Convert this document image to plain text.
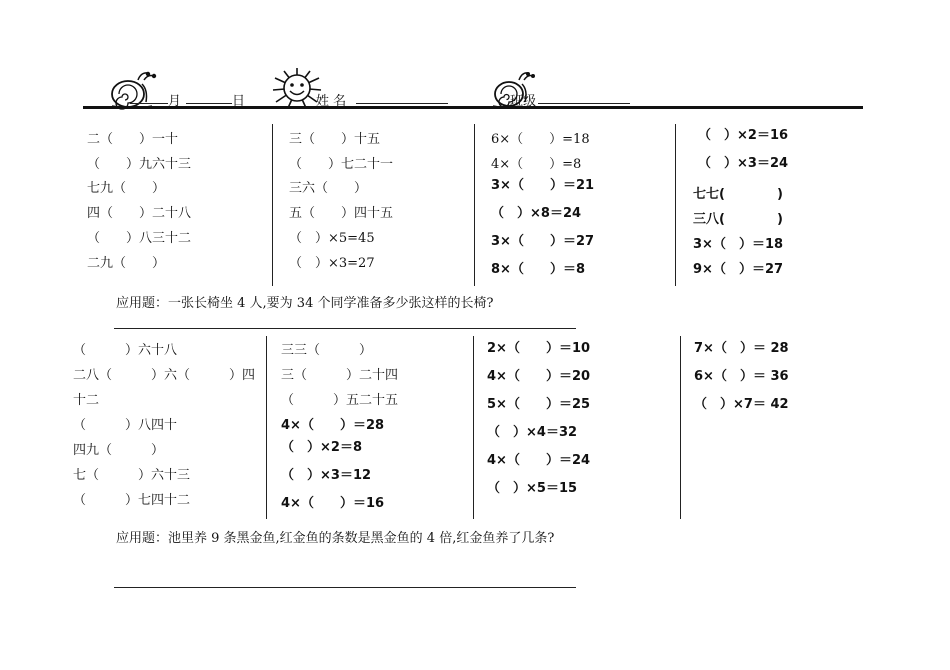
月	日	姓 名	班级
二（　　）一十
（　　）九六十三
七九（　　）
四（　　）二十八
（　　）八三十二
二九（　　）
三（　　）十五
（　　）七二十一
三六（　　）
五（　　）四十五
（　）×5=45
（　）×3=27
6×（　　）=18
4×（　　）=8
3×（　　）＝21
（　）×8＝24
3×（　　）＝27
8×（　　）＝8
（　）×2＝16
（　）×3＝24
七七(　　　　)
三八(　　　　)
3×（　）＝18
9×（　）＝27
应用题：一张长椅坐 4 人,要为 34 个同学准备多少张这样的长椅?
（　　　）六十八
二八（　　　）六（　　　）四
十二
（　　　）八四十
四九（　　　）
七（　　　）六十三
（　　　）七四十二
三三（　　　）
三（　　　）二十四
（　　　）五二十五
4×（　　）＝28
（　）×2＝8
（　）×3＝12
4×（　　）＝16
2×（　　）＝10
4×（　　）＝20
5×（　　）＝25
（　）×4＝32
4×（　　）＝24
（　）×5＝15
7×（　）＝ 28
6×（　）＝ 36
（　）×7＝ 42
应用题：池里养 9 条黑金鱼,红金鱼的条数是黑金鱼的 4 倍,红金鱼养了几条?
